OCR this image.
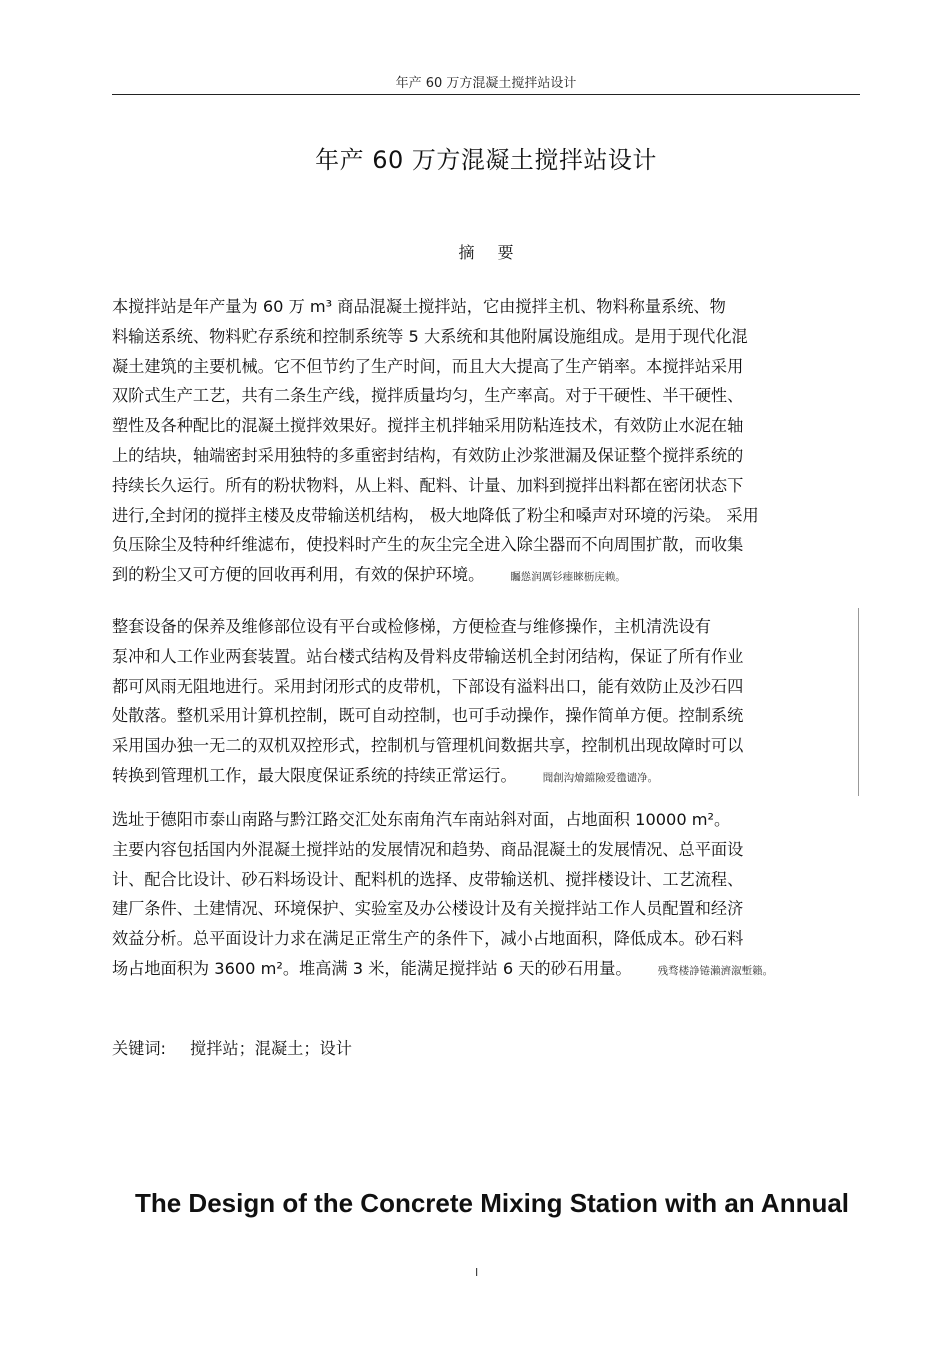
年产 60 万方混凝土搅拌站设计
年产 60 万方混凝土搅拌站设计
摘 要

本搅拌站是年产量为 60 万 m³ 商品混凝土搅拌站，它由搅拌主机、物料称量系统、物

料输送系统、物料贮存系统和控制系统等 5 大系统和其他附属设施组成。是用于现代化混

凝土建筑的主要机械。它不但节约了生产时间，而且大大提高了生产销率。本搅拌站采用

双阶式生产工艺，共有二条生产线，搅拌质量均匀，生产率高。对于干硬性、半干硬性、

塑性及各种配比的混凝土搅拌效果好。搅拌主机拌轴采用防粘连技术，有效防止水泥在轴

上的结块，轴端密封采用独特的多重密封结构，有效防止沙浆泄漏及保证整个搅拌系统的

持续长久运行。所有的粉状物料，从上料、配料、计量、加料到搅拌出料都在密闭状态下

进行,全封闭的搅拌主楼及皮带输送机结构， 极大地降低了粉尘和嗓声对环境的污染。 采用

负压除尘及特种纤维滤布，使投料时产生的灰尘完全进入除尘器而不向周围扩散，而收集

到的粉尘又可方便的回收再利用，有效的保护环境。 矚慫润厲钐瘗睞枥庑赖。

整套设备的保养及维修部位设有平台或检修梯，方便检查与维修操作，主机清洗设有

泵冲和人工作业两套装置。站台楼式结构及骨料皮带输送机全封闭结构，保证了所有作业

都可风雨无阻地进行。采用封闭形式的皮带机，下部设有溢料出口，能有效防止及沙石四

处散落。整机采用计算机控制，既可自动控制，也可手动操作，操作简单方便。控制系统

采用国办独一无二的双机双控形式，控制机与管理机间数据共享，控制机出现故障时可以

转换到管理机工作，最大限度保证系统的持续正常运行。 聞創沟燴鐺險爱氇谴净。

选址于德阳市泰山南路与黔江路交汇处东南角汽车南站斜对面，占地面积 10000 m²。

主要内容包括国内外混凝土搅拌站的发展情况和趋势、商品混凝土的发展情况、总平面设

计、配合比设计、砂石料场设计、配料机的选择、皮带输送机、搅拌楼设计、工艺流程、

建厂条件、土建情况、环境保护、实验室及办公楼设计及有关搅拌站工作人员配置和经济

效益分析。总平面设计力求在满足正常生产的条件下，减小占地面积，降低成本。砂石料

场占地面积为 3600 m²。堆高满 3 米，能满足搅拌站 6 天的砂石用量。 残骛楼諍锩瀨濟溆塹籟。

关键词: 搅拌站；混凝土；设计
The Design of the Concrete Mixing Station with an Annual
I
